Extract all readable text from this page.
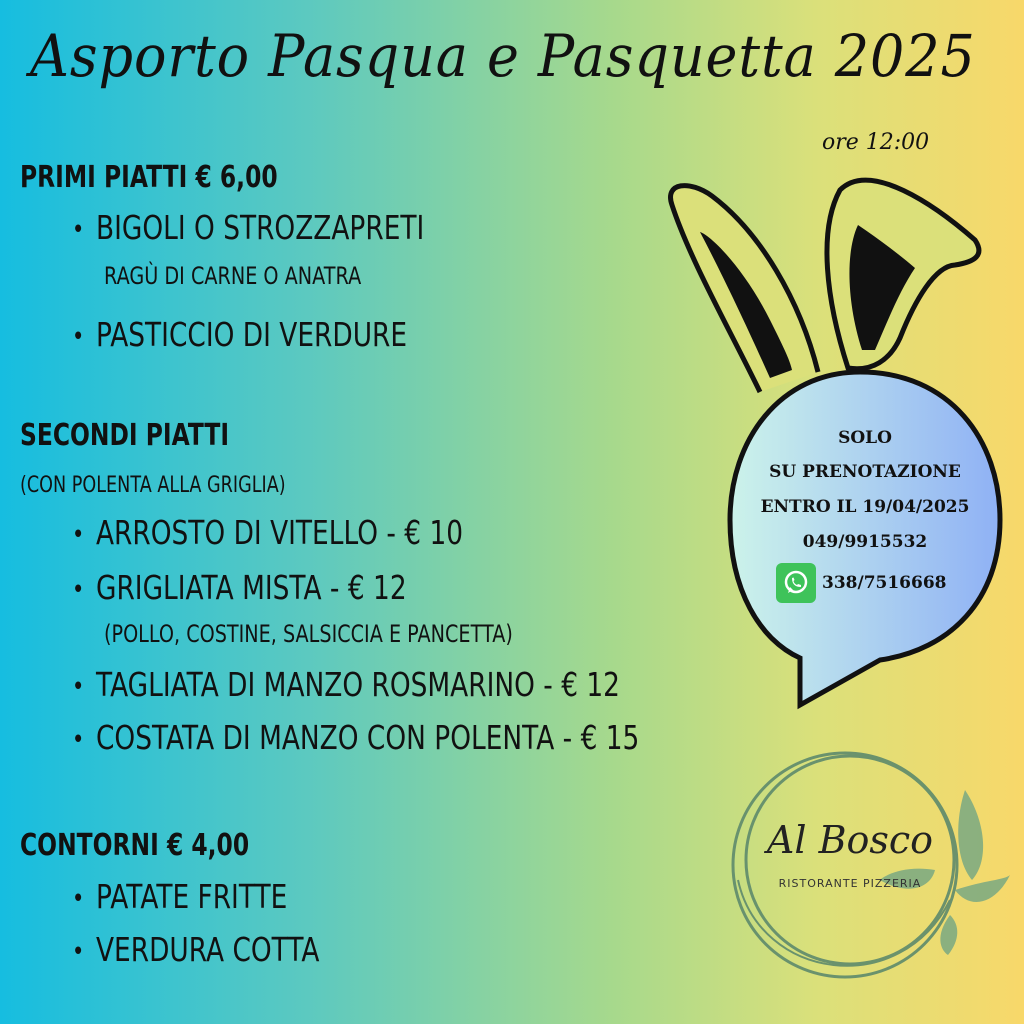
Asporto Pasqua e Pasquetta 2025
ore 12:00
PRIMI PIATTI € 6,00
• BIGOLI O STROZZAPRETI
RAGÙ DI CARNE O ANATRA
• PASTICCIO DI VERDURE
SECONDI PIATTI
(CON POLENTA ALLA GRIGLIA)
• ARROSTO DI VITELLO - € 10
• GRIGLIATA MISTA - € 12
(POLLO, COSTINE, SALSICCIA E PANCETTA)
• TAGLIATA DI MANZO ROSMARINO - € 12
• COSTATA DI MANZO CON POLENTA - € 15
CONTORNI € 4,00
• PATATE FRITTE
• VERDURA COTTA
SOLO
SU PRENOTAZIONE
ENTRO IL 19/04/2025
049/9915532
338/7516668
Al Bosco
RISTORANTE PIZZERIA
